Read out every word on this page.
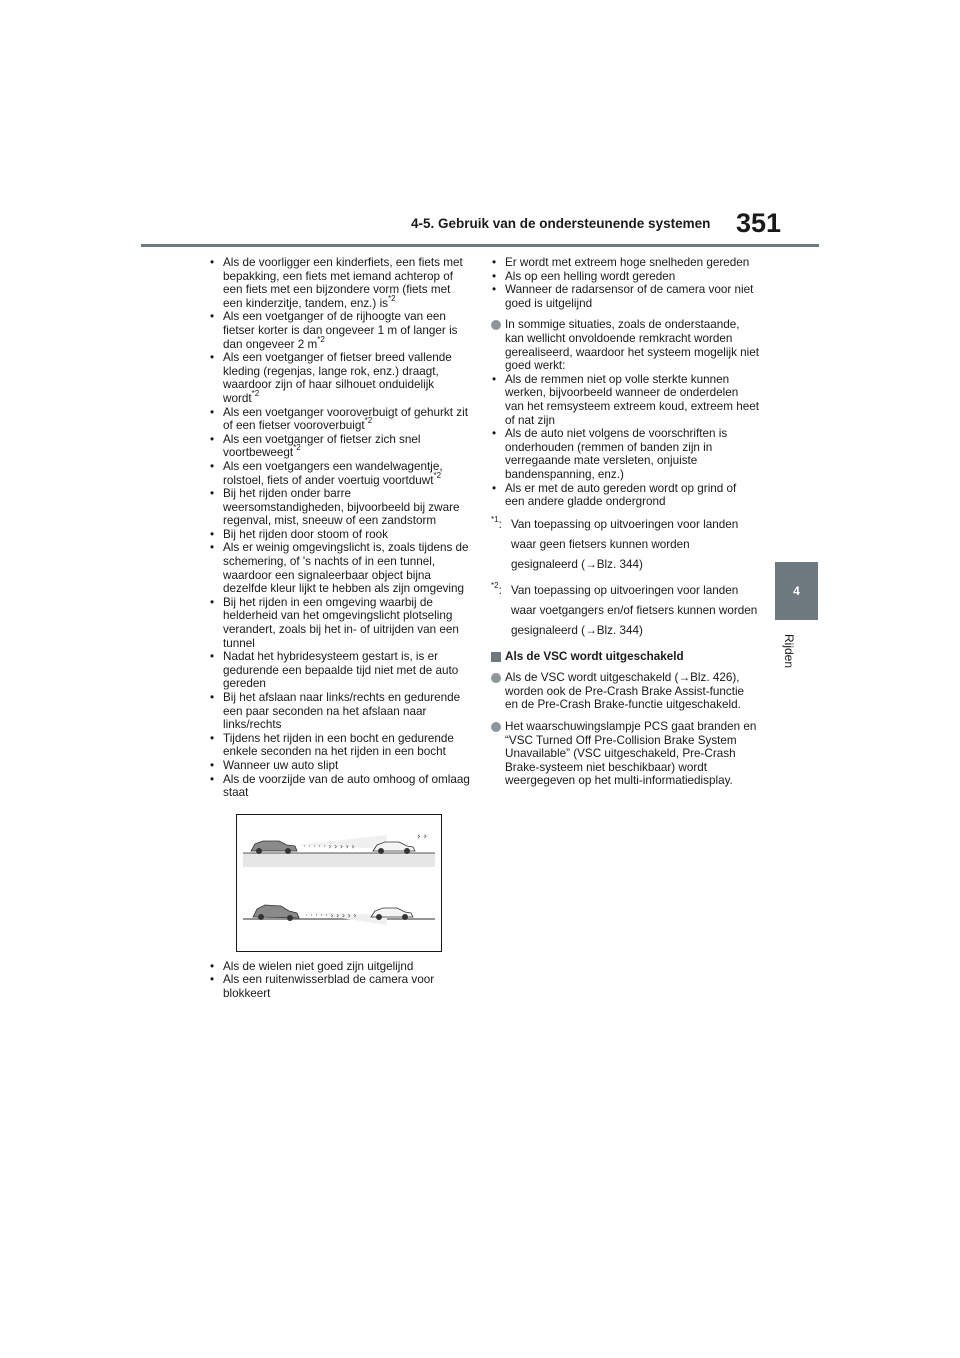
4-5. Gebruik van de ondersteunende systemen 351
4
Rijden
• Als de voorligger een kinderfiets, een fiets met bepakking, een fiets met iemand achterop of een fiets met een bijzondere vorm (fiets met een kinderzitje, tandem, enz.) $is^{*2}$
• Als een voetganger of de rijhoogte van een fietser korter is dan ongeveer 1 m of langer is dan ongeveer 2 $m^{*2}$
• Als een voetganger of fietser breed vallende kleding (regenjas, lange rok, enz.) draagt, waardoor zijn of haar silhouet onduidelijk wordt$^{*2}$
• Als een voetganger vooroverbuigt of gehurkt zit of een fietser vooroverbuigt$^{*2}$
• Als een voetganger of fietser zich snel voortbeweegt$^{*2}$
• Als een voetgangers een wandelwagentje, rolstoel, fiets of ander voertuig voortduwt$^{*2}$
• Bij het rijden onder barre weersomstandigheden, bijvoorbeeld bij zware regenval, mist, sneeuw of een zandstorm
• Bij het rijden door stoom of rook
• Als er weinig omgevingslicht is, zoals tijdens de schemering, of 's nachts of in een tunnel, waardoor een signaleerbaar object bijna dezelfde kleur lijkt te hebben als zijn omgeving
• Bij het rijden in een omgeving waarbij de helderheid van het omgevingslicht plotseling verandert, zoals bij het in- of uitrijden van een tunnel
• Nadat het hybridesysteem gestart is, is er gedurende een bepaalde tijd niet met de auto gereden
• Bij het afslaan naar links/rechts en gedurende een paar seconden na het afslaan naar links/rechts
• Tijdens het rijden in een bocht en gedurende enkele seconden na het rijden in een bocht
• Wanneer uw auto slipt
• Als de voorzijde van de auto omhoog of omlaag staat
· · · · · › › › › ›
› ›
· · · · · › › › › ›
• Als de wielen niet goed zijn uitgelijnd
• Als een ruitenwisserblad de camera voor blokkeert
• Er wordt met extreem hoge snelheden gereden
• Als op een helling wordt gereden
• Wanneer de radarsensor of de camera voor niet goed is uitgelijnd
In sommige situaties, zoals de onderstaande, kan wellicht onvoldoende remkracht worden gerealiseerd, waardoor het systeem mogelijk niet goed werkt:
• Als de remmen niet op volle sterkte kunnen werken, bijvoorbeeld wanneer de onderdelen van het remsysteem extreem koud, extreem heet of nat zijn
• Als de auto niet volgens de voorschriften is onderhouden (remmen of banden zijn in verregaande mate versleten, onjuiste bandenspanning, enz.)
• Als er met de auto gereden wordt op grind of een andere gladde ondergrond
$^{*1}$: Van toepassing op uitvoeringen voor landen waar geen fietsers kunnen worden gesignaleerd (→Blz. 344)
$^{*2}$: Van toepassing op uitvoeringen voor landen waar voetgangers en/of fietsers kunnen worden gesignaleerd (→Blz. 344)
Als de VSC wordt uitgeschakeld
Als de VSC wordt uitgeschakeld (→Blz. 426), worden ook de Pre-Crash Brake Assist-functie en de Pre-Crash Brake-functie uitgeschakeld.
Het waarschuwingslampje PCS gaat branden en “VSC Turned Off Pre-Collision Brake System Unavailable” (VSC uitgeschakeld, Pre-Crash Brake-systeem niet beschikbaar) wordt weergegeven op het multi-informatiedisplay.
